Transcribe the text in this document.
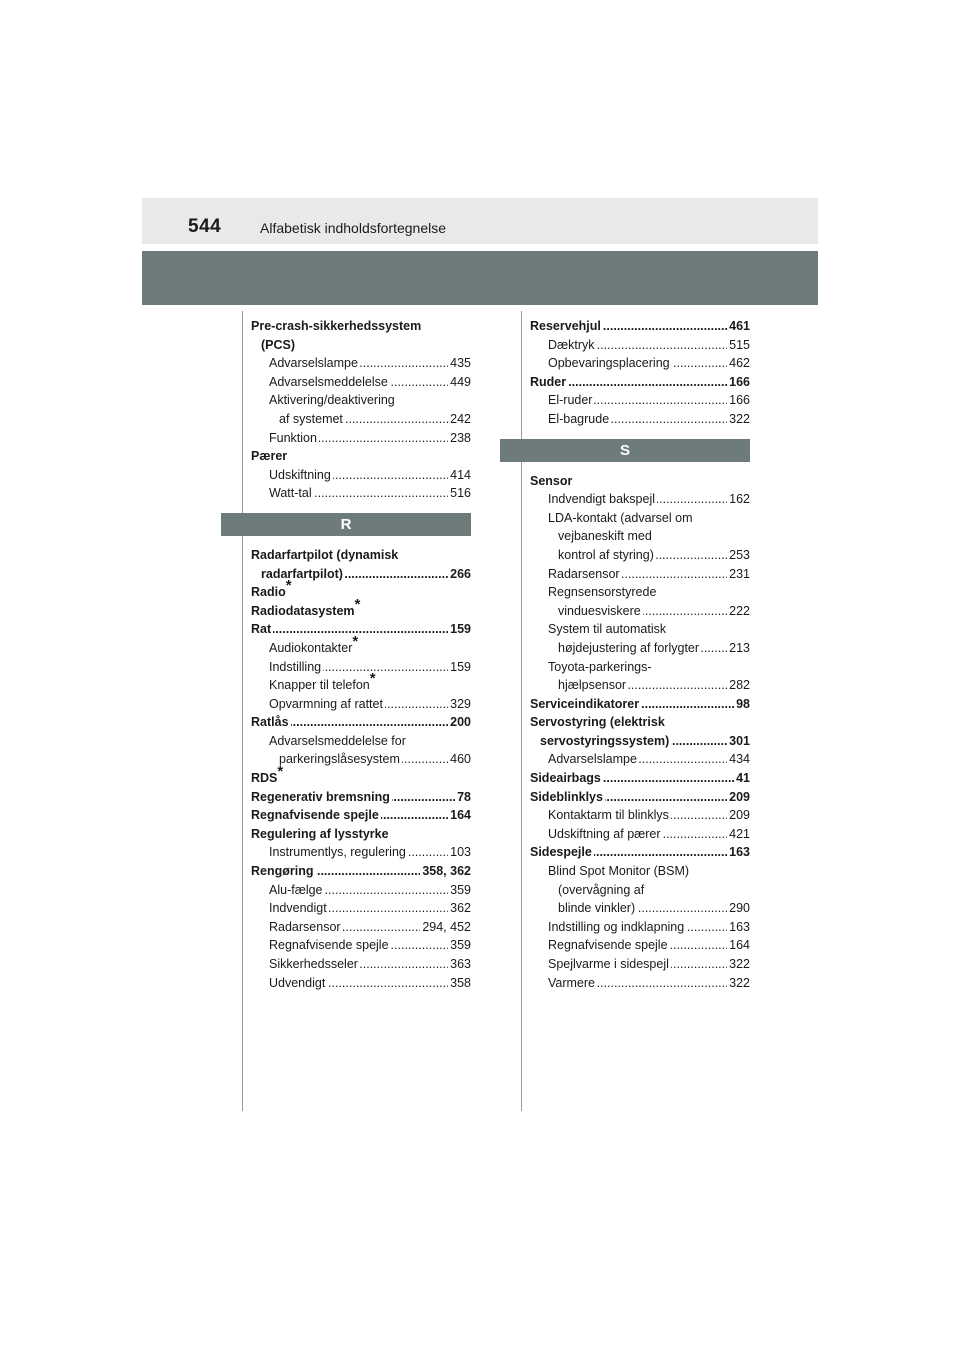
544	Alfabetisk indholdsfortegnelse
Pre-crash-sikkerhedssystem
(PCS)
..... Advarselslampe	435
..... Advarselsmeddelelse	449
Aktivering/deaktivering
..... af systemet	242
..... Funktion	238
Pærer
..... Udskiftning	414
..... Watt-tal	516
R
Radarfartpilot (dynamisk
..... radarfartpilot)	266
Radio*
Radiodatasystem*
..... Rat	159
Audiokontakter*
..... Indstilling	159
Knapper til telefon*
..... Opvarmning af rattet	329
..... Ratlås	200
Advarselsmeddelelse for
..... parkeringslåsesystem	460
RDS*
..... Regenerativ bremsning	78
..... Regnafvisende spejle	164
Regulering af lysstyrke
..... Instrumentlys, regulering	103
..... Rengøring	358, 362
..... Alu-fælge	359
..... Indvendigt	362
..... Radarsensor	294, 452
..... Regnafvisende spejle	359
..... Sikkerhedsseler	363
..... Udvendigt	358
..... Reservehjul	461
..... Dæktryk	515
..... Opbevaringsplacering	462
..... Ruder	166
..... El-ruder	166
..... El-bagrude	322
S
Sensor
..... Indvendigt bakspejl	162
LDA-kontakt (advarsel om
vejbaneskift med
..... kontrol af styring)	253
..... Radarsensor	231
Regnsensorstyrede
..... vinduesviskere	222
System til automatisk
..... højdejustering af forlygter 213
Toyota-parkerings-
..... hjælpsensor	282
..... Serviceindikatorer	98
Servostyring (elektrisk
..... servostyringssystem)	301
..... Advarselslampe	434
..... Sideairbags	41
..... Sideblinklys	209
..... Kontaktarm til blinklys	209
..... Udskiftning af pærer	421
..... Sidespejle	163
Blind Spot Monitor (BSM)
(overvågning af
..... blinde vinkler)	290
..... Indstilling og indklapning	163
..... Regnafvisende spejle	164
..... Spejlvarme i sidespejl	322
..... Varmere	322
